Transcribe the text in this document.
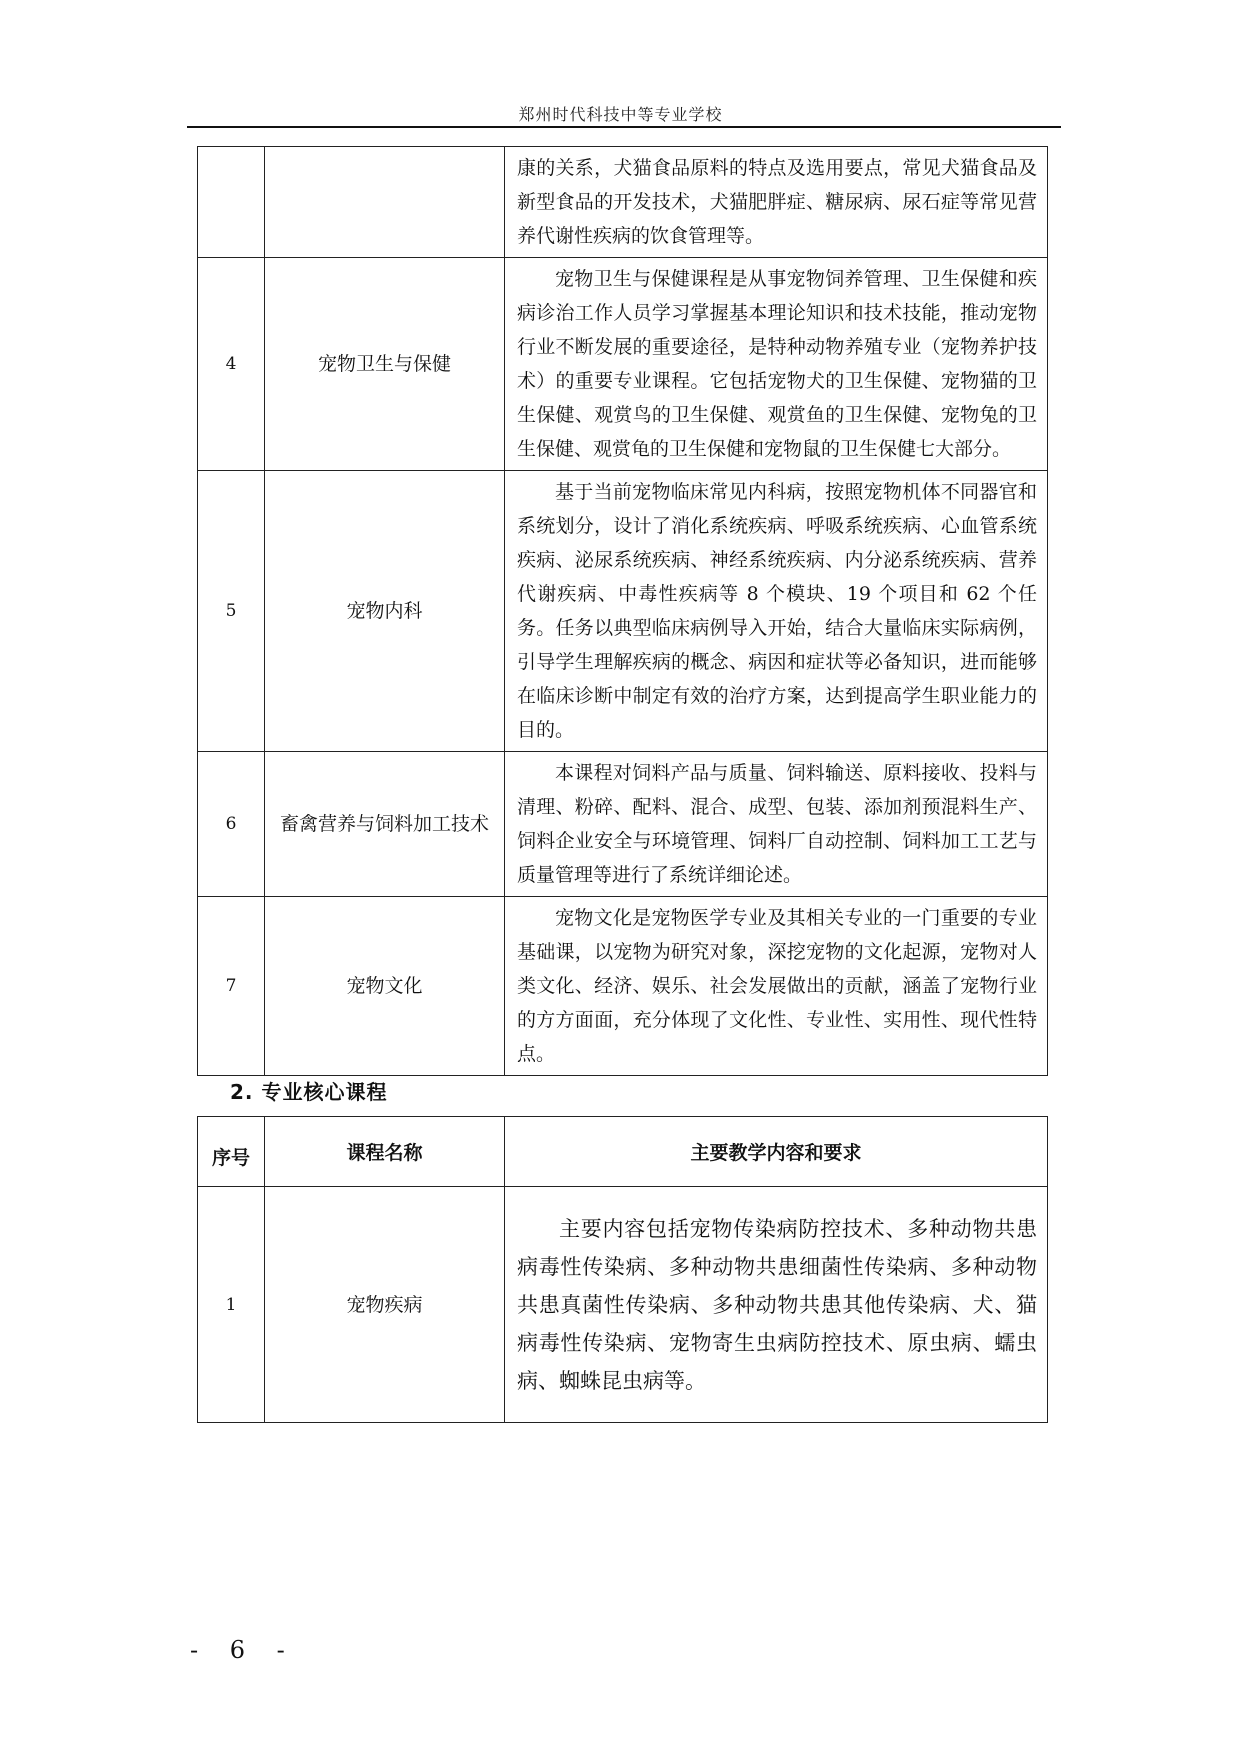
郑州时代科技中等专业学校
		康的关系，犬猫食品原料的特点及选用要点，常见犬猫食品及新型食品的开发技术，犬猫肥胖症、糖尿病、尿石症等常见营养代谢性疾病的饮食管理等。
4	宠物卫生与保健	宠物卫生与保健课程是从事宠物饲养管理、卫生保健和疾病诊治工作人员学习掌握基本理论知识和技术技能，推动宠物行业不断发展的重要途径，是特种动物养殖专业（宠物养护技术）的重要专业课程。它包括宠物犬的卫生保健、宠物猫的卫生保健、观赏鸟的卫生保健、观赏鱼的卫生保健、宠物兔的卫生保健、观赏龟的卫生保健和宠物鼠的卫生保健七大部分。
5	宠物内科	基于当前宠物临床常见内科病，按照宠物机体不同器官和系统划分，设计了消化系统疾病、呼吸系统疾病、心血管系统疾病、泌尿系统疾病、神经系统疾病、内分泌系统疾病、营养代谢疾病、中毒性疾病等 8 个模块、19 个项目和 62 个任务。任务以典型临床病例导入开始，结合大量临床实际病例，引导学生理解疾病的概念、病因和症状等必备知识，进而能够在临床诊断中制定有效的治疗方案，达到提高学生职业能力的目的。
6	畜禽营养与饲料加工技术	本课程对饲料产品与质量、饲料输送、原料接收、投料与清理、粉碎、配料、混合、成型、包装、添加剂预混料生产、饲料企业安全与环境管理、饲料厂自动控制、饲料加工工艺与质量管理等进行了系统详细论述。
7	宠物文化	宠物文化是宠物医学专业及其相关专业的一门重要的专业基础课，以宠物为研究对象，深挖宠物的文化起源，宠物对人类文化、经济、娱乐、社会发展做出的贡献，涵盖了宠物行业的方方面面，充分体现了文化性、专业性、实用性、现代性特点。
2. 专业核心课程
序号	课程名称	主要教学内容和要求
1	宠物疾病	主要内容包括宠物传染病防控技术、多种动物共患病毒性传染病、多种动物共患细菌性传染病、多种动物共患真菌性传染病、多种动物共患其他传染病、犬、猫病毒性传染病、宠物寄生虫病防控技术、原虫病、蠕虫病、蜘蛛昆虫病等。
- 6 -
